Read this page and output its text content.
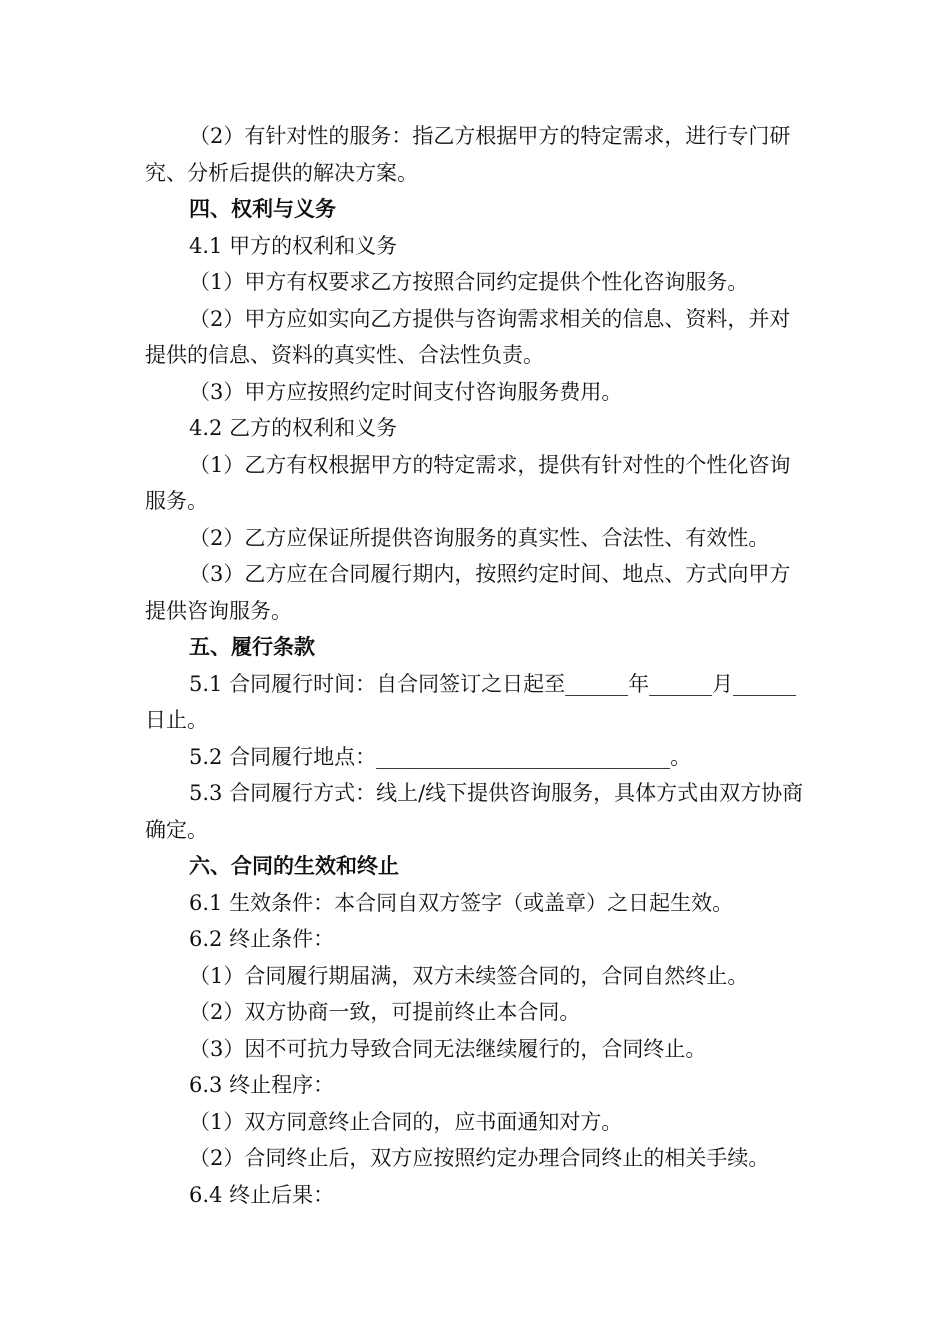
（2）有针对性的服务：指乙方根据甲方的特定需求，进行专门研究、分析后提供的解决方案。

四、权利与义务

4.1 甲方的权利和义务

（1）甲方有权要求乙方按照合同约定提供个性化咨询服务。

（2）甲方应如实向乙方提供与咨询需求相关的信息、资料，并对提供的信息、资料的真实性、合法性负责。

（3）甲方应按照约定时间支付咨询服务费用。

4.2 乙方的权利和义务

（1）乙方有权根据甲方的特定需求，提供有针对性的个性化咨询服务。

（2）乙方应保证所提供咨询服务的真实性、合法性、有效性。

（3）乙方应在合同履行期内，按照约定时间、地点、方式向甲方提供咨询服务。

五、履行条款

5.1 合同履行时间：自合同签订之日起至______年______月______日止。

5.2 合同履行地点：____________________________。

5.3 合同履行方式：线上/线下提供咨询服务，具体方式由双方协商确定。

六、合同的生效和终止

6.1 生效条件：本合同自双方签字（或盖章）之日起生效。

6.2 终止条件：

（1）合同履行期届满，双方未续签合同的，合同自然终止。

（2）双方协商一致，可提前终止本合同。

（3）因不可抗力导致合同无法继续履行的，合同终止。

6.3 终止程序：

（1）双方同意终止合同的，应书面通知对方。

（2）合同终止后，双方应按照约定办理合同终止的相关手续。

6.4 终止后果：
